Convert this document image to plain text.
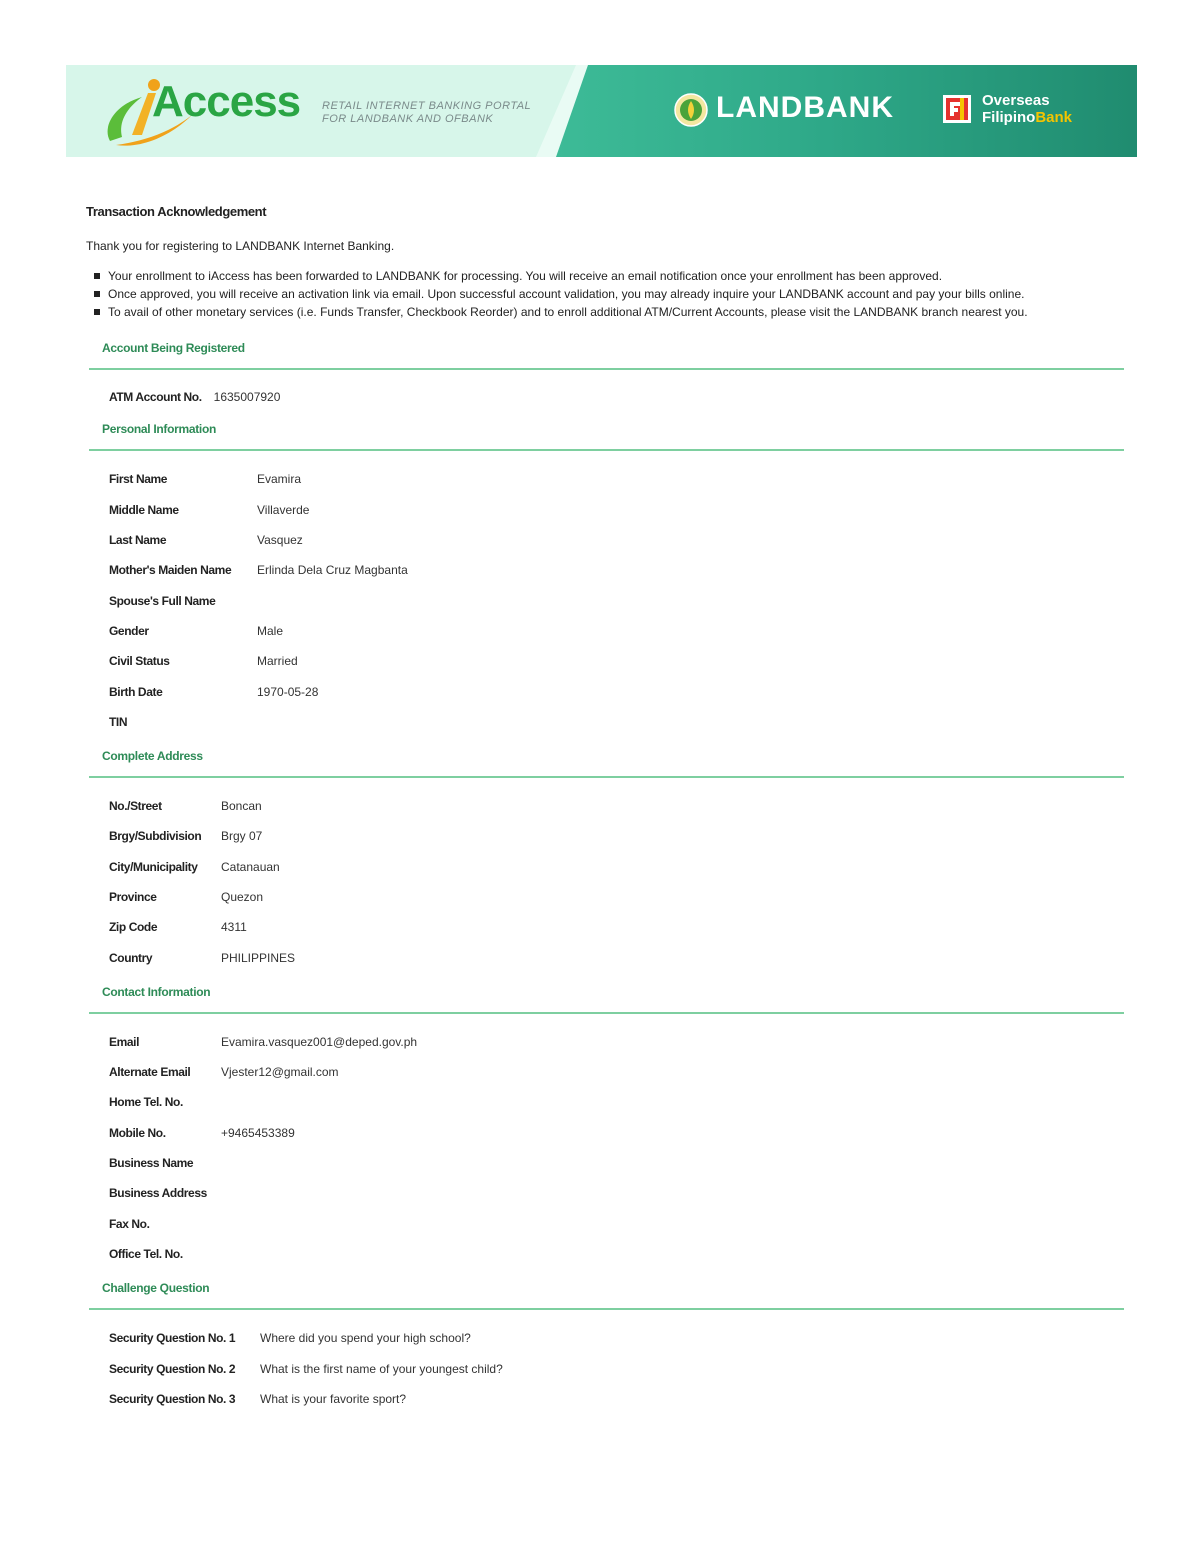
Access RETAIL INTERNET BANKING PORTAL
FOR LANDBANK AND OFBANK	LANDBANK	Overseas
FilipinoBank
Transaction Acknowledgement
Thank you for registering to LANDBANK Internet Banking.
Your enrollment to iAccess has been forwarded to LANDBANK for processing. You will receive an email notification once your enrollment has been approved.
Once approved, you will receive an activation link via email. Upon successful account validation, you may already inquire your LANDBANK account and pay your bills online.
To avail of other monetary services (i.e. Funds Transfer, Checkbook Reorder) and to enroll additional ATM/Current Accounts, please visit the LANDBANK branch nearest you.
Account Being Registered
ATM Account No.	1635007920
Personal Information
First Name	Evamira
Middle Name	Villaverde
Last Name	Vasquez
Mother's Maiden Name	Erlinda Dela Cruz Magbanta
Spouse's Full Name	
Gender	Male
Civil Status	Married
Birth Date	1970-05-28
TIN	
Complete Address
No./Street	Boncan
Brgy/Subdivision	Brgy 07
City/Municipality	Catanauan
Province	Quezon
Zip Code	4311
Country	PHILIPPINES
Contact Information
Email	Evamira.vasquez001@deped.gov.ph
Alternate Email	Vjester12@gmail.com
Home Tel. No.	
Mobile No.	+9465453389
Business Name	
Business Address	
Fax No.	
Office Tel. No.	
Challenge Question
Security Question No. 1	Where did you spend your high school?
Security Question No. 2	What is the first name of your youngest child?
Security Question No. 3	What is your favorite sport?
